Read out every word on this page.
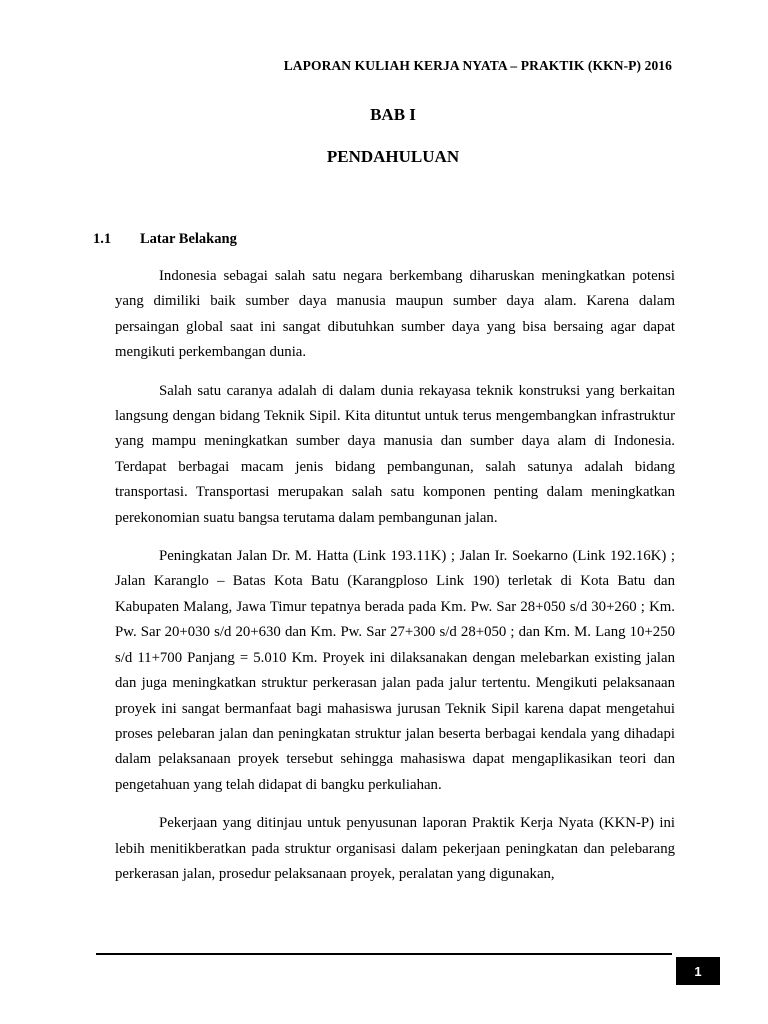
LAPORAN KULIAH KERJA NYATA – PRAKTIK (KKN-P) 2016
BAB I
PENDAHULUAN
1.1 Latar Belakang

Indonesia sebagai salah satu negara berkembang diharuskan meningkatkan potensi yang dimiliki baik sumber daya manusia maupun sumber daya alam. Karena dalam persaingan global saat ini sangat dibutuhkan sumber daya yang bisa bersaing agar dapat mengikuti perkembangan dunia.

Salah satu caranya adalah di dalam dunia rekayasa teknik konstruksi yang berkaitan langsung dengan bidang Teknik Sipil. Kita dituntut untuk terus mengembangkan infrastruktur yang mampu meningkatkan sumber daya manusia dan sumber daya alam di Indonesia. Terdapat berbagai macam jenis bidang pembangunan, salah satunya adalah bidang transportasi. Transportasi merupakan salah satu komponen penting dalam meningkatkan perekonomian suatu bangsa terutama dalam pembangunan jalan.

Peningkatan Jalan Dr. M. Hatta (Link 193.11K) ; Jalan Ir. Soekarno (Link 192.16K) ; Jalan Karanglo – Batas Kota Batu (Karangploso Link 190) terletak di Kota Batu dan Kabupaten Malang, Jawa Timur tepatnya berada pada Km. Pw. Sar 28+050 s/d 30+260 ; Km. Pw. Sar 20+030 s/d 20+630 dan Km. Pw. Sar 27+300 s/d 28+050 ; dan Km. M. Lang 10+250 s/d 11+700 Panjang = 5.010 Km. Proyek ini dilaksanakan dengan melebarkan existing jalan dan juga meningkatkan struktur perkerasan jalan pada jalur tertentu. Mengikuti pelaksanaan proyek ini sangat bermanfaat bagi mahasiswa jurusan Teknik Sipil karena dapat mengetahui proses pelebaran jalan dan peningkatan struktur jalan beserta berbagai kendala yang dihadapi dalam pelaksanaan proyek tersebut sehingga mahasiswa dapat mengaplikasikan teori dan pengetahuan yang telah didapat di bangku perkuliahan.

Pekerjaan yang ditinjau untuk penyusunan laporan Praktik Kerja Nyata (KKN-P) ini lebih menitikberatkan pada struktur organisasi dalam pekerjaan peningkatan dan pelebarang perkerasan jalan, prosedur pelaksanaan proyek, peralatan yang digunakan,

1
